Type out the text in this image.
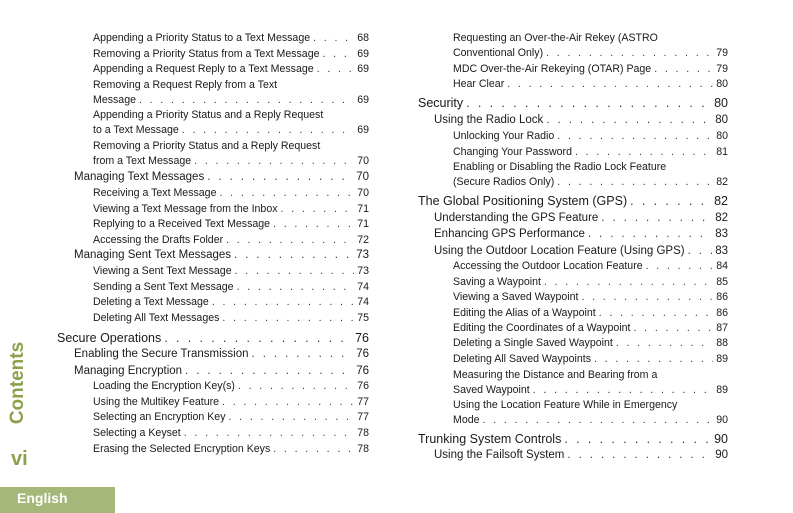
Contents
vi
English
Appending a Priority Status to a Text Message . . .	68
Removing a Priority Status from a Text Message . . .	69
Appending a Request Reply to a Text Message . . .	69
Removing a Request Reply from a Text
Message . . .	69
Appending a Priority Status and a Reply Request
to a Text Message . . .	69
Removing a Priority Status and a Reply Request
from a Text Message . . .	70
Managing Text Messages . . .	70
Receiving a Text Message . . .	70
Viewing a Text Message from the Inbox . . .	71
Replying to a Received Text Message . . .	71
Accessing the Drafts Folder . . .	72
Managing Sent Text Messages . . .	73
Viewing a Sent Text Message . . .	73
Sending a Sent Text Message . . .	74
Deleting a Text Message . . .	74
Deleting All Text Messages . . .	75
Secure Operations . . .	76
Enabling the Secure Transmission . . .	76
Managing Encryption . . .	76
Loading the Encryption Key(s) . . .	76
Using the Multikey Feature . . .	77
Selecting an Encryption Key . . .	77
Selecting a Keyset . . .	78
Erasing the Selected Encryption Keys . . .	78
Requesting an Over-the-Air Rekey (ASTRO
Conventional Only) . . .	79
MDC Over-the-Air Rekeying (OTAR) Page . . .	79
Hear Clear . . .	80
Security . . .	80
Using the Radio Lock . . .	80
Unlocking Your Radio . . .	80
Changing Your Password . . .	81
Enabling or Disabling the Radio Lock Feature
(Secure Radios Only) . . .	82
The Global Positioning System (GPS) . . .	82
Understanding the GPS Feature . . .	82
Enhancing GPS Performance . . .	83
Using the Outdoor Location Feature (Using GPS) . . .	83
Accessing the Outdoor Location Feature . . .	84
Saving a Waypoint . . .	85
Viewing a Saved Waypoint . . .	86
Editing the Alias of a Waypoint . . .	86
Editing the Coordinates of a Waypoint . . .	87
Deleting a Single Saved Waypoint . . .	88
Deleting All Saved Waypoints . . .	89
Measuring the Distance and Bearing from a
Saved Waypoint . . .	89
Using the Location Feature While in Emergency
Mode . . .	90
Trunking System Controls . . .	90
Using the Failsoft System . . .	90
